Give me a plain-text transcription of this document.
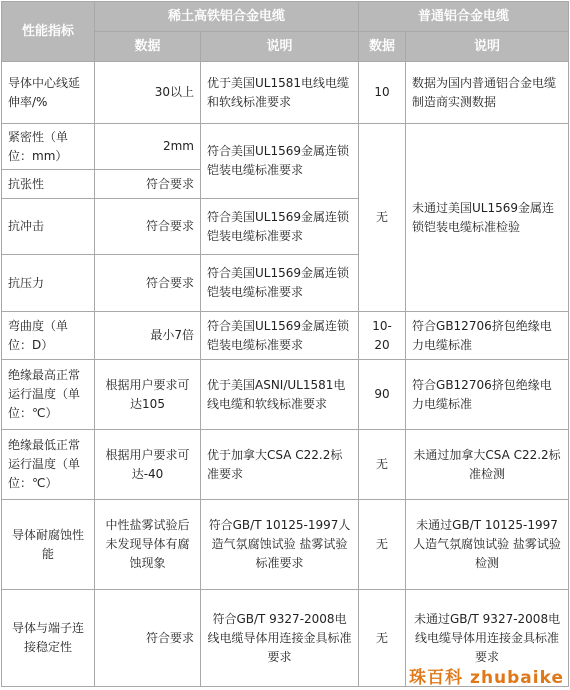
性能指标	稀土高铁铝合金电缆		普通铝合金电缆	
	数据	说明	数据	说明
导体中心线延伸率/%	30以上	优于美国UL1581电线电缆和软线标准要求	10	数据为国内普通铝合金电缆制造商实测数据
紧密性（单位：mm）	2mm	符合美国UL1569金属连锁铠装电缆标准要求	无	未通过美国UL1569金属连锁铠装电缆标准检验
抗张性	符合要求			
抗冲击	符合要求	符合美国UL1569金属连锁铠装电缆标准要求		
抗压力	符合要求	符合美国UL1569金属连锁铠装电缆标准要求		
弯曲度（单位：D）	最小7倍	符合美国UL1569金属连锁铠装电缆标准要求	10-20	符合GB12706挤包绝缘电力电缆标准
绝缘最高正常运行温度（单位：℃）	根据用户要求可达105	优于美国ASNI/UL1581电线电缆和软线标准要求	90	符合GB12706挤包绝缘电力电缆标准
绝缘最低正常运行温度（单位：℃）	根据用户要求可达-40	优于加拿大CSA C22.2标准要求	无	未通过加拿大CSA C22.2标准检测
导体耐腐蚀性能	中性盐雾试验后未发现导体有腐蚀现象	符合GB/T 10125-1997人造气氛腐蚀试验 盐雾试验标准要求	无	未通过GB/T 10125-1997人造气氛腐蚀试验 盐雾试验检测
导体与端子连接稳定性	符合要求	符合GB/T 9327-2008电线电缆导体用连接金具标准要求	无	未通过GB/T 9327-2008电线电缆导体用连接金具标准要求
珠百科 zhubaike
